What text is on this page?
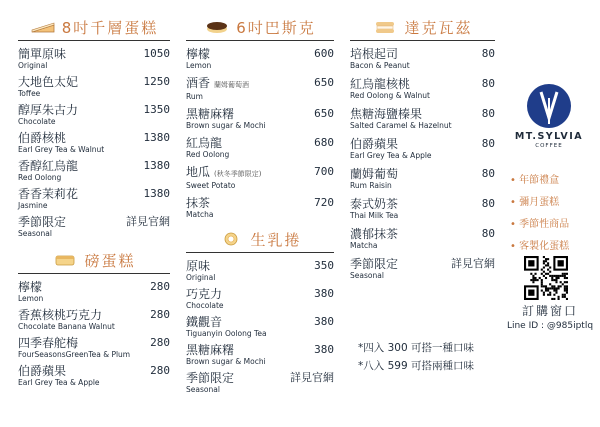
8吋千層蛋糕
簡單原味
Original
1050
大地色太妃
Toffee
1250
醇厚朱古力
Chocolate
1350
伯爵核桃
Earl Grey Tea & Walnut
1380
香醇紅烏龍
Red Oolong
1380
香香茉莉花
Jasmine
1380
季節限定
Seasonal
詳見官網
磅蛋糕
檸檬
Lemon
280
香蕉核桃巧克力
Chocolate Banana Walnut
280
四季春舵梅
FourSeasonsGreenTea & Plum
280
伯爵蘋果
Earl Grey Tea & Apple
280
6吋巴斯克
檸檬
Lemon
600
酒香 蘭姆葡萄酒
Rum
650
黑糖麻糬
Brown sugar & Mochi
650
紅烏龍
Red Oolong
680
地瓜 (秋冬季節限定)
Sweet Potato
700
抹茶
Matcha
720
生乳捲
原味
Original
350
巧克力
Chocolate
380
鐵觀音
Tiguanyin Oolong Tea
380
黑糖麻糬
Brown sugar & Mochi
380
季節限定
Seasonal
詳見官網
達克瓦茲
培根起司
Bacon & Peanut
80
紅烏龍核桃
Red Oolong & Walnut
80
焦糖海鹽榛果
Salted Caramel & Hazelnut
80
伯爵蘋果
Earl Grey Tea & Apple
80
蘭姆葡萄
Rum Raisin
80
泰式奶茶
Thai Milk Tea
80
濃郁抹茶
Matcha
80
季節限定
Seasonal
詳見官網
*四入 300 可搭一種口味
*八入 599 可搭兩種口味
MT.SYLVIA
COFFEE
• 年節禮盒
• 彌月蛋糕
• 季節性商品
• 客製化蛋糕
訂購窗口
Line ID : @985iptlq
